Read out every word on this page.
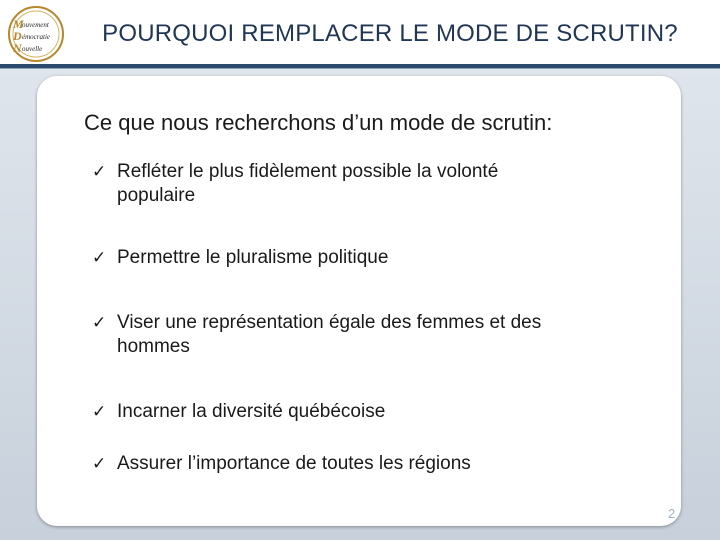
M
ouvement
D émocratie
N ouvelle
POURQUOI REMPLACER LE MODE DE SCRUTIN?
Ce que nous recherchons d’un mode de scrutin:
✓ Refléter le plus fidèlement possible la volonté
populaire
✓ Permettre le pluralisme politique
✓ Viser une représentation égale des femmes et des
hommes
✓ Incarner la diversité québécoise
✓ Assurer l’importance de toutes les régions
2
